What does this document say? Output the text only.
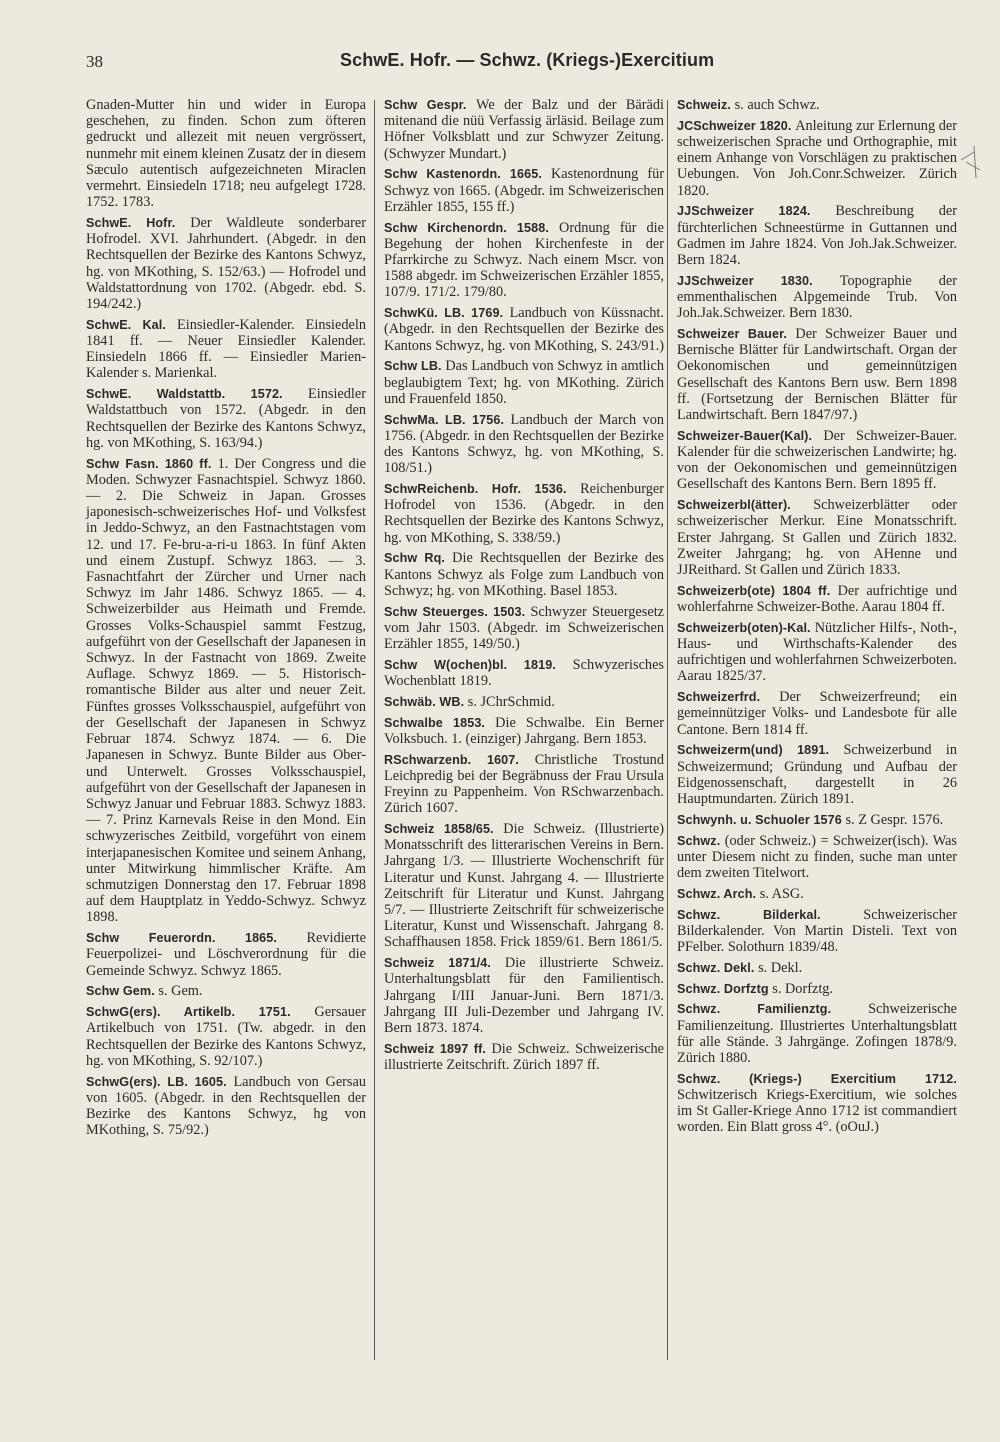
38	SchwE. Hofr. — Schwz. (Kriegs-)Exercitium

Gnaden-Mutter hin und wider in Europa geschehen, zu finden. Schon zum öfteren gedruckt und allezeit mit neuen vergrössert, nunmehr mit einem kleinen Zusatz der in diesem Sæculo autentisch aufgezeichneten Miraclen vermehrt. Einsiedeln 1718; neu aufgelegt 1728. 1752. 1783.

SchwE. Hofr. Der Waldleute sonderbarer Hofrodel. XVI. Jahrhundert. (Abgedr. in den Rechtsquellen der Bezirke des Kantons Schwyz, hg. von MKothing, S. 152/63.) — Hofrodel und Waldstattordnung von 1702. (Abgedr. ebd. S. 194/242.)

SchwE. Kal. Einsiedler-Kalender. Einsiedeln 1841 ff. — Neuer Einsiedler Kalender. Einsiedeln 1866 ff. — Einsiedler Marien-Kalender s. Marienkal.

SchwE. Waldstattb. 1572. Einsiedler Waldstattbuch von 1572. (Abgedr. in den Rechtsquellen der Bezirke des Kantons Schwyz, hg. von MKothing, S. 163/94.)

Schw Fasn. 1860 ff. 1. Der Congress und die Moden. Schwyzer Fasnachtspiel. Schwyz 1860. — 2. Die Schweiz in Japan. Grosses japonesisch-schweizerisches Hof- und Volksfest in Jeddo-Schwyz, an den Fastnachtstagen vom 12. und 17. Fe-bru-a-ri-u 1863. In fünf Akten und einem Zustupf. Schwyz 1863. — 3. Fasnachtfahrt der Zürcher und Urner nach Schwyz im Jahr 1486. Schwyz 1865. — 4. Schweizerbilder aus Heimath und Fremde. Grosses Volks-Schauspiel sammt Festzug, aufgeführt von der Gesellschaft der Japanesen in Schwyz. In der Fastnacht von 1869. Zweite Auflage. Schwyz 1869. — 5. Historisch-romantische Bilder aus alter und neuer Zeit. Fünftes grosses Volksschauspiel, aufgeführt von der Gesellschaft der Japanesen in Schwyz Februar 1874. Schwyz 1874. — 6. Die Japanesen in Schwyz. Bunte Bilder aus Ober- und Unterwelt. Grosses Volksschauspiel, aufgeführt von der Gesellschaft der Japanesen in Schwyz Januar und Februar 1883. Schwyz 1883. — 7. Prinz Karnevals Reise in den Mond. Ein schwyzerisches Zeitbild, vorgeführt von einem interjapanesischen Komitee und seinem Anhang, unter Mitwirkung himmlischer Kräfte. Am schmutzigen Donnerstag den 17. Februar 1898 auf dem Hauptplatz in Yeddo-Schwyz. Schwyz 1898.

Schw Feuerordn. 1865. Revidierte Feuerpolizei- und Löschverordnung für die Gemeinde Schwyz. Schwyz 1865.

Schw Gem. s. Gem.

SchwG(ers). Artikelb. 1751. Gersauer Artikelbuch von 1751. (Tw. abgedr. in den Rechtsquellen der Bezirke des Kantons Schwyz, hg. von MKothing, S. 92/107.)

SchwG(ers). LB. 1605. Landbuch von Gersau von 1605. (Abgedr. in den Rechtsquellen der Bezirke des Kantons Schwyz, hg von MKothing, S. 75/92.)

Schw Gespr. We der Balz und der Bärädi mitenand die nüü Verfassig ärläsid. Beilage zum Höfner Volksblatt und zur Schwyzer Zeitung. (Schwyzer Mundart.)

Schw Kastenordn. 1665. Kastenordnung für Schwyz von 1665. (Abgedr. im Schweizerischen Erzähler 1855, 155 ff.)

Schw Kirchenordn. 1588. Ordnung für die Begehung der hohen Kirchenfeste in der Pfarrkirche zu Schwyz. Nach einem Mscr. von 1588 abgedr. im Schweizerischen Erzähler 1855, 107/9. 171/2. 179/80.

SchwKü. LB. 1769. Landbuch von Küssnacht. (Abgedr. in den Rechtsquellen der Bezirke des Kantons Schwyz, hg. von MKothing, S. 243/91.)

Schw LB. Das Landbuch von Schwyz in amtlich beglaubigtem Text; hg. von MKothing. Zürich und Frauenfeld 1850.

SchwMa. LB. 1756. Landbuch der March von 1756. (Abgedr. in den Rechtsquellen der Bezirke des Kantons Schwyz, hg. von MKothing, S. 108/51.)

SchwReichenb. Hofr. 1536. Reichenburger Hofrodel von 1536. (Abgedr. in den Rechtsquellen der Bezirke des Kantons Schwyz, hg. von MKothing, S. 338/59.)

Schw Rq. Die Rechtsquellen der Bezirke des Kantons Schwyz als Folge zum Landbuch von Schwyz; hg. von MKothing. Basel 1853.

Schw Steuerges. 1503. Schwyzer Steuergesetz vom Jahr 1503. (Abgedr. im Schweizerischen Erzähler 1855, 149/50.)

Schw W(ochen)bl. 1819. Schwyzerisches Wochenblatt 1819.

Schwäb. WB. s. JChrSchmid.

Schwalbe 1853. Die Schwalbe. Ein Berner Volksbuch. 1. (einziger) Jahrgang. Bern 1853.

RSchwarzenb. 1607. Christliche Trostund Leichpredig bei der Begräbnuss der Frau Ursula Freyinn zu Pappenheim. Von RSchwarzenbach. Zürich 1607.

Schweiz 1858/65. Die Schweiz. (Illustrierte) Monatsschrift des litterarischen Vereins in Bern. Jahrgang 1/3. — Illustrierte Wochenschrift für Literatur und Kunst. Jahrgang 4. — Illustrierte Zeitschrift für Literatur und Kunst. Jahrgang 5/7. — Illustrierte Zeitschrift für schweizerische Literatur, Kunst und Wissenschaft. Jahrgang 8. Schaffhausen 1858. Frick 1859/61. Bern 1861/5.

Schweiz 1871/4. Die illustrierte Schweiz. Unterhaltungsblatt für den Familientisch. Jahrgang I/III Januar-Juni. Bern 1871/3. Jahrgang III Juli-Dezember und Jahrgang IV. Bern 1873. 1874.

Schweiz 1897 ff. Die Schweiz. Schweizerische illustrierte Zeitschrift. Zürich 1897 ff.

Schweiz. s. auch Schwz.

JCSchweizer 1820. Anleitung zur Erlernung der schweizerischen Sprache und Orthographie, mit einem Anhange von Vorschlägen zu praktischen Uebungen. Von Joh.Conr.Schweizer. Zürich 1820.

JJSchweizer 1824. Beschreibung der fürchterlichen Schneestürme in Guttannen und Gadmen im Jahre 1824. Von Joh.Jak.Schweizer. Bern 1824.

JJSchweizer 1830. Topographie der emmenthalischen Alpgemeinde Trub. Von Joh.Jak.Schweizer. Bern 1830.

Schweizer Bauer. Der Schweizer Bauer und Bernische Blätter für Landwirtschaft. Organ der Oekonomischen und gemeinnützigen Gesellschaft des Kantons Bern usw. Bern 1898 ff. (Fortsetzung der Bernischen Blätter für Landwirtschaft. Bern 1847/97.)

Schweizer-Bauer(Kal). Der Schweizer-Bauer. Kalender für die schweizerischen Landwirte; hg. von der Oekonomischen und gemeinnützigen Gesellschaft des Kantons Bern. Bern 1895 ff.

Schweizerbl(ätter). Schweizerblätter oder schweizerischer Merkur. Eine Monatsschrift. Erster Jahrgang. St Gallen und Zürich 1832. Zweiter Jahrgang; hg. von AHenne und JJReithard. St Gallen und Zürich 1833.

Schweizerb(ote) 1804 ff. Der aufrichtige und wohlerfahrne Schweizer-Bothe. Aarau 1804 ff.

Schweizerb(oten)-Kal. Nützlicher Hilfs-, Noth-, Haus- und Wirthschafts-Kalender des aufrichtigen und wohlerfahrnen Schweizerboten. Aarau 1825/37.

Schweizerfrd. Der Schweizerfreund; ein gemeinnütziger Volks- und Landesbote für alle Cantone. Bern 1814 ff.

Schweizerm(und) 1891. Schweizerbund in Schweizermund; Gründung und Aufbau der Eidgenossenschaft, dargestellt in 26 Hauptmundarten. Zürich 1891.

Schwynh. u. Schuoler 1576 s. Z Gespr. 1576.

Schwz. (oder Schweiz.) = Schweizer(isch). Was unter Diesem nicht zu finden, suche man unter dem zweiten Titelwort.

Schwz. Arch. s. ASG.

Schwz. Bilderkal.	Schweizerischer Bilderkalender. Von Martin Disteli. Text von PFelber. Solothurn 1839/48.

Schwz. Dekl. s. Dekl.

Schwz. Dorfztg s. Dorfztg.

Schwz. Familienztg.	Schweizerische Familienzeitung. Illustriertes Unterhaltungsblatt für alle Stände. 3 Jahrgänge. Zofingen 1878/9. Zürich 1880.

Schwz. (Kriegs-) Exercitium 1712.Schwitzerisch Kriegs-Exercitium, wie solches im St Galler-Kriege Anno 1712 ist commandiert worden. Ein Blatt gross 4°. (oOuJ.)
